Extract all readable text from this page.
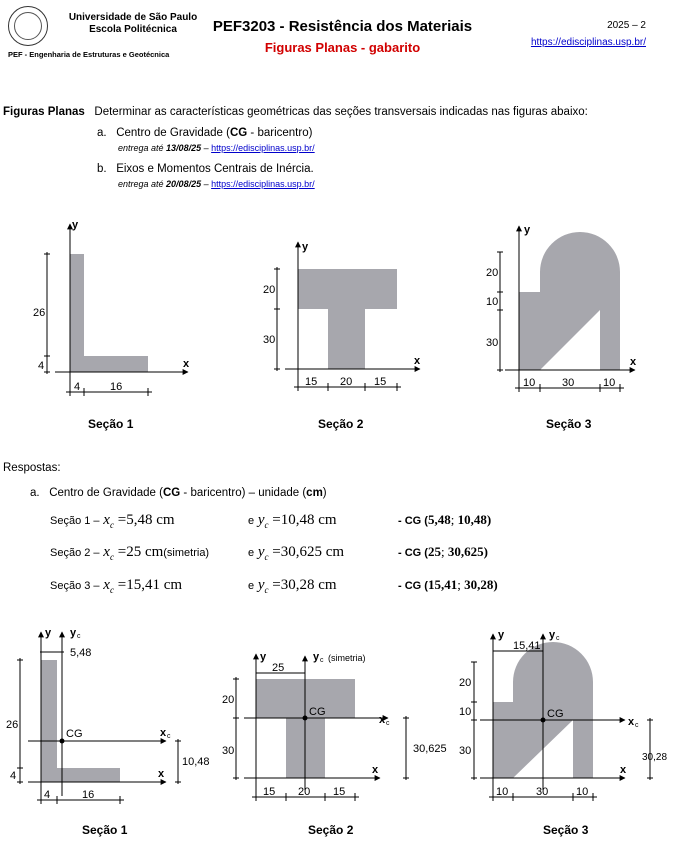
Universidade de São Paulo
Escola Politécnica
PEF - Engenharia de Estruturas e Geotécnica
PEF3203 - Resistência dos Materiais
Figuras Planas - gabarito
2025 – 2
https://edisciplinas.usp.br/
Figuras Planas Determinar as características geométricas das seções transversais indicadas nas figuras abaixo:
a. Centro de Gravidade (CG - baricentro)
entrega até 13/08/25 – https://edisciplinas.usp.br/
b. Eixos e Momentos Centrais de Inércia.
entrega até 20/08/25 – https://edisciplinas.usp.br/
y
x
26
4
4	16
y
x
20
30
15 20 15
y
x
20
10
30
10 30	10
Seção 1	Seção 2	Seção 3
Respostas:
a. Centro de Gravidade (CG - baricentro) – unidade (cm)
Seção $1 - x_c =5,48$ cm	e $y_c =10,48$ cm	- CG (5,48; 10,48)
Seção $2 - x_c =25$ cm(simetria)	e $y_c =30,625$ cm	- CG (25; 30,625)
Seção $3 - x_c =15,41$ cm	e $y_c =30,28$ cm	- CG (15,41; 30,28)
CG
y y c
x
x c
5,48
26
4
10,48
4	16
CG
y	y c (simetria)
x
x c
25
20
30	30,625
15 20 15
CG
y	y c
x
x c
15,41
20
10
30
30,28
10	30	10
Seção 1	Seção 2	Seção 3
